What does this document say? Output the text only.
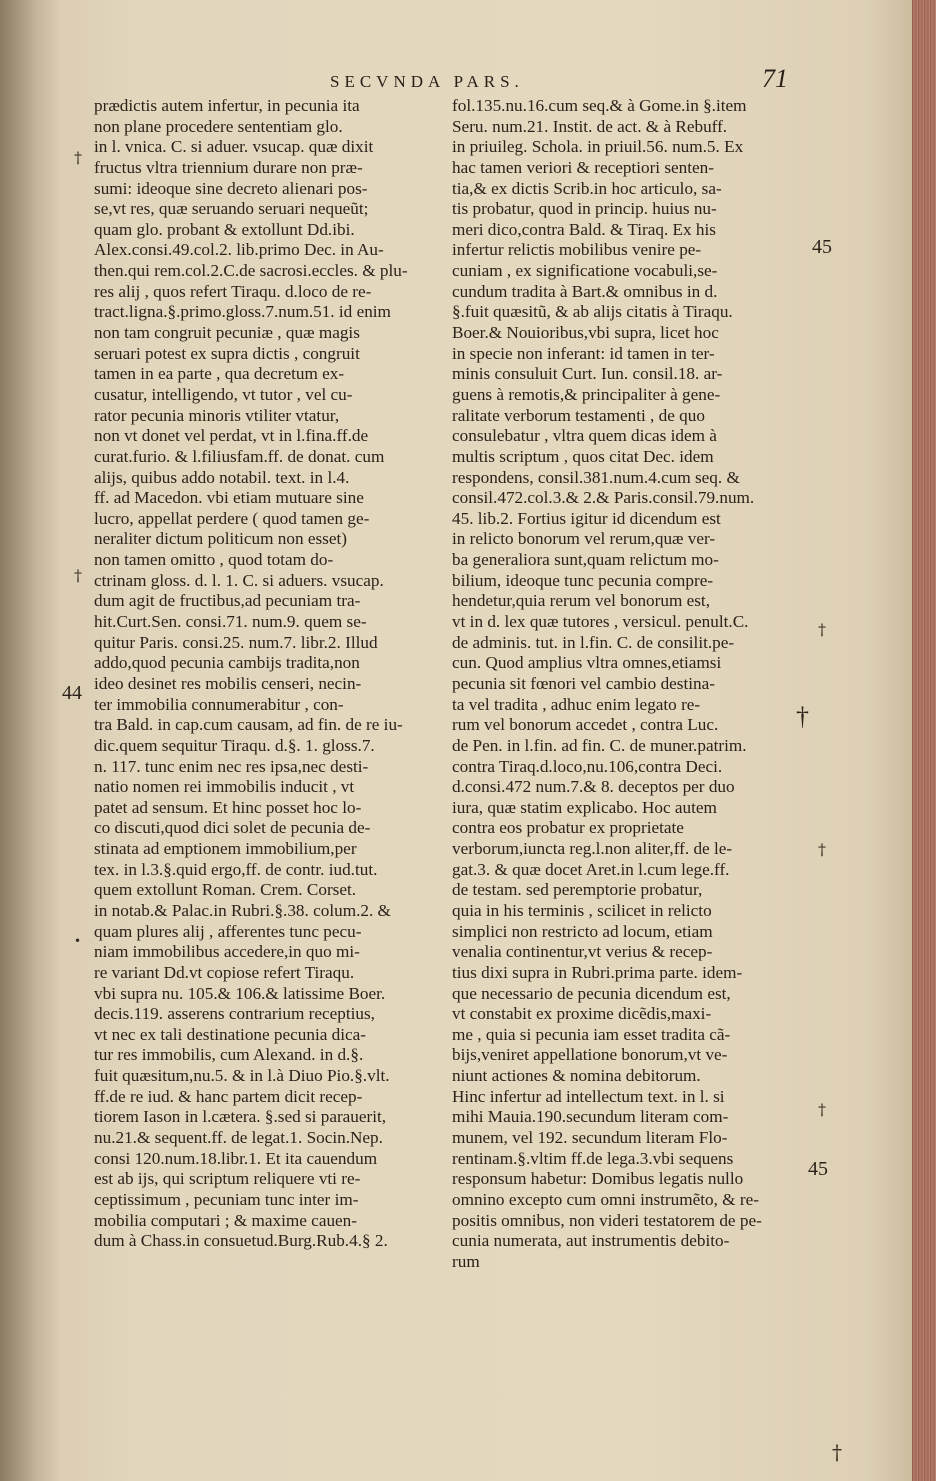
SECVNDA PARS.	71
prædictis autem infertur, in pecunia ita
non plane procedere sententiam glo.
in l. vnica. C. si aduer. vsucap. quæ dixit
fructus vltra triennium durare non præ-
sumi: ideoque sine decreto alienari pos-
se,vt res, quæ seruando seruari nequeũt;
quam glo. probant & extollunt Dd.ibi.
Alex.consi.49.col.2. lib.primo Dec. in Au-
then.qui rem.col.2.C.de sacrosi.eccles. & plu-
res alij , quos refert Tiraqu. d.loco de re-
tract.ligna.§.primo.gloss.7.num.51. id enim
non tam congruit pecuniæ , quæ magis
seruari potest ex supra dictis , congruit
tamen in ea parte , qua decretum ex-
cusatur, intelligendo, vt tutor , vel cu-
rator pecunia minoris vtiliter vtatur,
non vt donet vel perdat, vt in l.fina.ff.de
curat.furio. & l.filiusfam.ff. de donat. cum
alijs, quibus addo notabil. text. in l.4.
ff. ad Macedon. vbi etiam mutuare sine
lucro, appellat perdere ( quod tamen ge-
neraliter dictum politicum non esset)
non tamen omitto , quod totam do-
ctrinam gloss. d. l. 1. C. si aduers. vsucap.
dum agit de fructibus,ad pecuniam tra-
hit.Curt.Sen. consi.71. num.9. quem se-
quitur Paris. consi.25. num.7. libr.2. Illud
addo,quod pecunia cambijs tradita,non
ideo desinet res mobilis censeri, necin-
ter immobilia connumerabitur , con-
tra Bald. in cap.cum causam, ad fin. de re iu-
dic.quem sequitur Tiraqu. d.§. 1. gloss.7.
n. 117. tunc enim nec res ipsa,nec desti-
natio nomen rei immobilis inducit , vt
patet ad sensum. Et hinc posset hoc lo-
co discuti,quod dici solet de pecunia de-
stinata ad emptionem immobilium,per
tex. in l.3.§.quid ergo,ff. de contr. iud.tut.
quem extollunt Roman. Crem. Corset.
in notab.& Palac.in Rubri.§.38. colum.2. &
quam plures alij , afferentes tunc pecu-
niam immobilibus accedere,in quo mi-
re variant Dd.vt copiose refert Tiraqu.
vbi supra nu. 105.& 106.& latissime Boer.
decis.119. asserens contrarium receptius,
vt nec ex tali destinatione pecunia dica-
tur res immobilis, cum Alexand. in d.§.
fuit quæsitum,nu.5. & in l.à Diuo Pio.§.vlt.
ff.de re iud. & hanc partem dicit recep-
tiorem Iason in l.cætera. §.sed si parauerit,
nu.21.& sequent.ff. de legat.1. Socin.Nep.
consi 120.num.18.libr.1. Et ita cauendum
est ab ijs, qui scriptum reliquere vti re-
ceptissimum , pecuniam tunc inter im-
mobilia computari ; & maxime cauen-
dum à Chass.in consuetud.Burg.Rub.4.§ 2.
fol.135.nu.16.cum seq.& à Gome.in §.item
Seru. num.21. Instit. de act. & à Rebuff.
in priuileg. Schola. in priuil.56. num.5. Ex
hac tamen veriori & receptiori senten-
tia,& ex dictis Scrib.in hoc articulo, sa-
tis probatur, quod in princip. huius nu-
meri dico,contra Bald. & Tiraq. Ex his
infertur relictis mobilibus venire pe-
cuniam , ex significatione vocabuli,se-
cundum tradita à Bart.& omnibus in d.
§.fuit quæsitũ, & ab alijs citatis à Tiraqu.
Boer.& Nouioribus,vbi supra, licet hoc
in specie non inferant: id tamen in ter-
minis consuluit Curt. Iun. consil.18. ar-
guens à remotis,& principaliter à gene-
ralitate verborum testamenti , de quo
consulebatur , vltra quem dicas idem à
multis scriptum , quos citat Dec. idem
respondens, consil.381.num.4.cum seq. &
consil.472.col.3.& 2.& Paris.consil.79.num.
45. lib.2. Fortius igitur id dicendum est
in relicto bonorum vel rerum,quæ ver-
ba generaliora sunt,quam relictum mo-
bilium, ideoque tunc pecunia compre-
hendetur,quia rerum vel bonorum est,
vt in d. lex quæ tutores , versicul. penult.C.
de adminis. tut. in l.fin. C. de consilit.pe-
cun. Quod amplius vltra omnes,etiamsi
pecunia sit fœnori vel cambio destina-
ta vel tradita , adhuc enim legato re-
rum vel bonorum accedet , contra Luc.
de Pen. in l.fin. ad fin. C. de muner.patrim.
contra Tiraq.d.loco,nu.106,contra Deci.
d.consi.472 num.7.& 8. deceptos per duo
iura, quæ statim explicabo. Hoc autem
contra eos probatur ex proprietate
verborum,iuncta reg.l.non aliter,ff. de le-
gat.3. & quæ docet Aret.in l.cum lege.ff.
de testam. sed peremptorie probatur,
quia in his terminis , scilicet in relicto
simplici non restricto ad locum, etiam
venalia continentur,vt verius & recep-
tius dixi supra in Rubri.prima parte. idem-
que necessario de pecunia dicendum est,
vt constabit ex proxime dicẽdis,maxi-
me , quia si pecunia iam esset tradita cã-
bijs,veniret appellatione bonorum,vt ve-
niunt actiones & nomina debitorum.
Hinc infertur ad intellectum text. in l. si
mihi Mauia.190.secundum literam com-
munem, vel 192. secundum literam Flo-
rentinam.§.vltim ff.de lega.3.vbi sequens
responsum habetur: Domibus legatis nullo
omnino excepto cum omni instrumẽto, & re-
positis omnibus, non videri testatorem de pe-
cunia numerata, aut instrumentis debito-
rum
44
45
45
†
†
†
•
†
†
†
†
